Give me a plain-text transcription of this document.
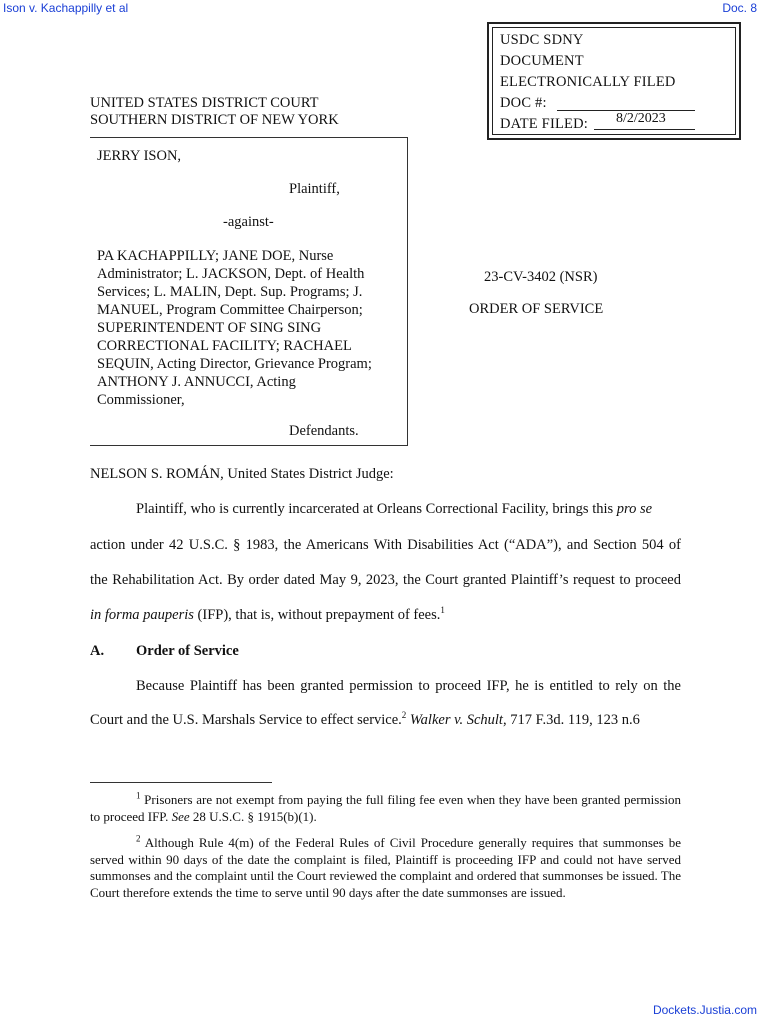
Ison v. Kachappilly et al	Doc. 8
USDC SDNY
DOCUMENT
ELECTRONICALLY FILED
DOC #:
DATE FILED: 8/2/2023
UNITED STATES DISTRICT COURT
SOUTHERN DISTRICT OF NEW YORK
JERRY ISON,
Plaintiff,
-against-
PA KACHAPPILLY; JANE DOE, Nurse
Administrator; L. JACKSON, Dept. of Health
Services; L. MALIN, Dept. Sup. Programs; J.
MANUEL, Program Committee Chairperson;
SUPERINTENDENT OF SING SING
CORRECTIONAL FACILITY; RACHAEL
SEQUIN, Acting Director, Grievance Program;
ANTHONY J. ANNUCCI, Acting
Commissioner,
Defendants.
23-CV-3402 (NSR)
ORDER OF SERVICE
NELSON S. ROMÁN, United States District Judge:
Plaintiff, who is currently incarcerated at Orleans Correctional Facility, brings this pro se
action under 42 U.S.C. § 1983, the Americans With Disabilities Act (“ADA”), and Section 504 of
the Rehabilitation Act. By order dated May 9, 2023, the Court granted Plaintiff’s request to proceed
in forma pauperis (IFP), that is, without prepayment of fees.$^1$
A. Order of Service
Because Plaintiff has been granted permission to proceed IFP, he is entitled to rely on the
Court and the U.S. Marshals Service to effect service.$^2$ Walker v. Schult, 717 F.3d. 119, 123 n.6
$^1$ Prisoners are not exempt from paying the full filing fee even when they have been granted permission to proceed IFP. See 28 U.S.C. § 1915(b)(1).
$^2$ Although Rule 4(m) of the Federal Rules of Civil Procedure generally requires that summonses be served within 90 days of the date the complaint is filed, Plaintiff is proceeding IFP and could not have served summonses and the complaint until the Court reviewed the complaint and ordered that summonses be issued. The Court therefore extends the time to serve until 90 days after the date summonses are issued.
Dockets.Justia.com
